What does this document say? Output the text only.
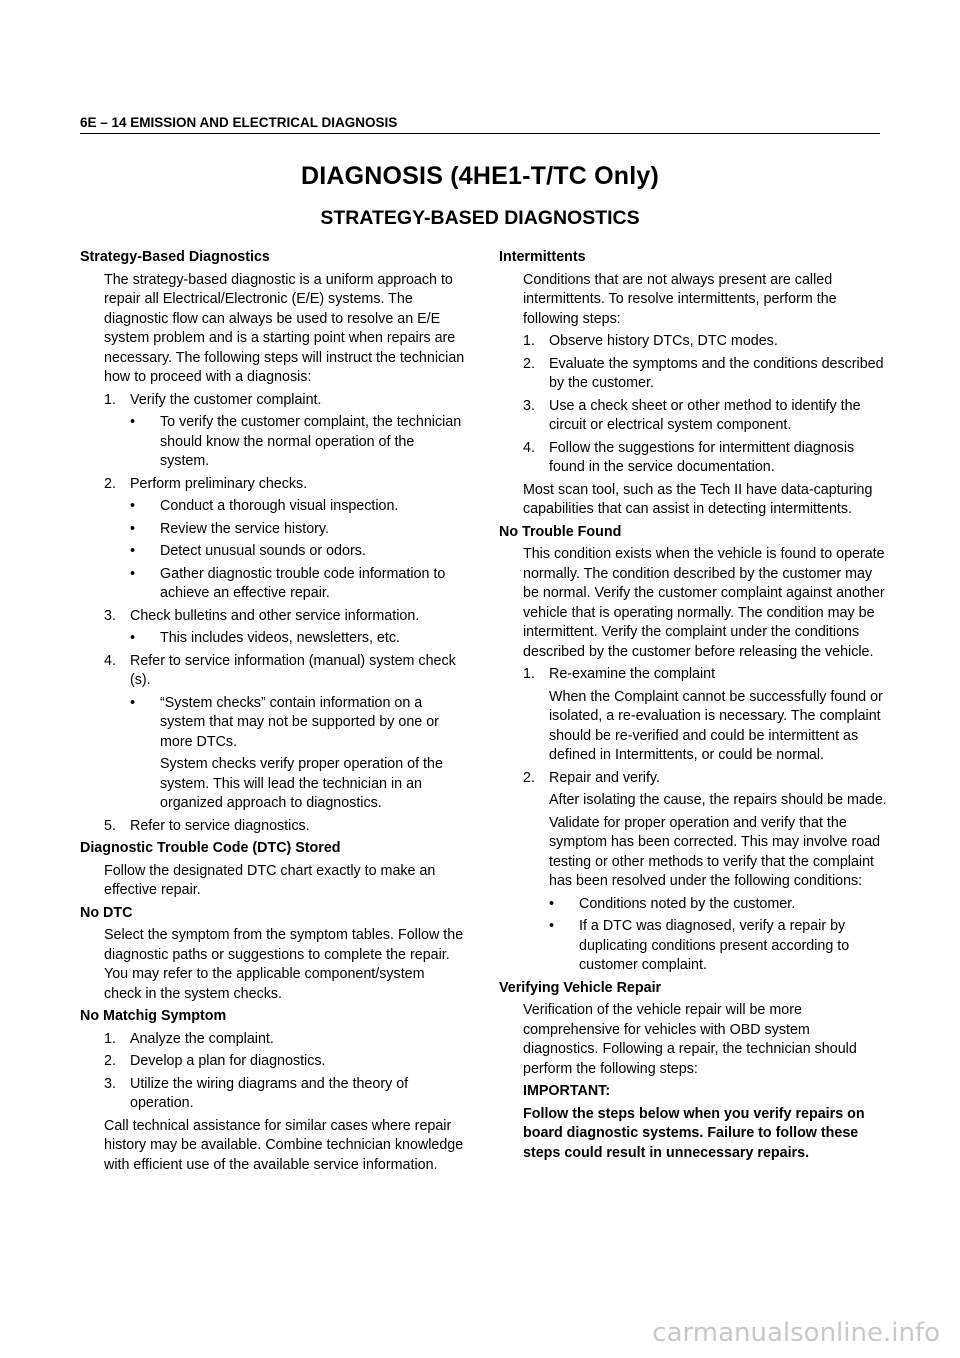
6E – 14 EMISSION AND ELECTRICAL DIAGNOSIS
DIAGNOSIS (4HE1-T/TC Only)
STRATEGY-BASED DIAGNOSTICS
Strategy-Based Diagnostics
The strategy-based diagnostic is a uniform approach to repair all Electrical/Electronic (E/E) systems. The diagnostic flow can always be used to resolve an E/E system problem and is a starting point when repairs are necessary. The following steps will instruct the technician how to proceed with a diagnosis:
1. Verify the customer complaint.
•	To verify the customer complaint, the technician should know the normal operation of the system.
2. Perform preliminary checks.
•	Conduct a thorough visual inspection.
•	Review the service history.
•	Detect unusual sounds or odors.
•	Gather diagnostic trouble code information to achieve an effective repair.
3. Check bulletins and other service information.
•	This includes videos, newsletters, etc.
4. Refer to service information (manual) system check (s).
•	“System checks” contain information on a system that may not be supported by one or more DTCs.
System checks verify proper operation of the system. This will lead the technician in an organized approach to diagnostics.
5. Refer to service diagnostics.
Diagnostic Trouble Code (DTC) Stored
Follow the designated DTC chart exactly to make an effective repair.
No DTC
Select the symptom from the symptom tables. Follow the diagnostic paths or suggestions to complete the repair. You may refer to the applicable component/system check in the system checks.
No Matchig Symptom
1. Analyze the complaint.
2. Develop a plan for diagnostics.
3. Utilize the wiring diagrams and the theory of operation.
Call technical assistance for similar cases where repair history may be available. Combine technician knowledge with efficient use of the available service information.
Intermittents
Conditions that are not always present are called intermittents. To resolve intermittents, perform the following steps:
1. Observe history DTCs, DTC modes.
2. Evaluate the symptoms and the conditions described by the customer.
3. Use a check sheet or other method to identify the circuit or electrical system component.
4. Follow the suggestions for intermittent diagnosis found in the service documentation.
Most scan tool, such as the Tech II have data-capturing capabilities that can assist in detecting intermittents.
No Trouble Found
This condition exists when the vehicle is found to operate normally. The condition described by the customer may be normal. Verify the customer complaint against another vehicle that is operating normally. The condition may be intermittent. Verify the complaint under the conditions described by the customer before releasing the vehicle.
1. Re-examine the complaint
When the Complaint cannot be successfully found or isolated, a re-evaluation is necessary. The complaint should be re-verified and could be intermittent as defined in Intermittents, or could be normal.
2. Repair and verify.
After isolating the cause, the repairs should be made.
Validate for proper operation and verify that the symptom has been corrected. This may involve road testing or other methods to verify that the complaint has been resolved under the following conditions:
•	Conditions noted by the customer.
•	If a DTC was diagnosed, verify a repair by duplicating conditions present according to customer complaint.
Verifying Vehicle Repair
Verification of the vehicle repair will be more comprehensive for vehicles with OBD system diagnostics. Following a repair, the technician should perform the following steps:
IMPORTANT:
Follow the steps below when you verify repairs on board diagnostic systems. Failure to follow these steps could result in unnecessary repairs.
carmanualsonline.info
